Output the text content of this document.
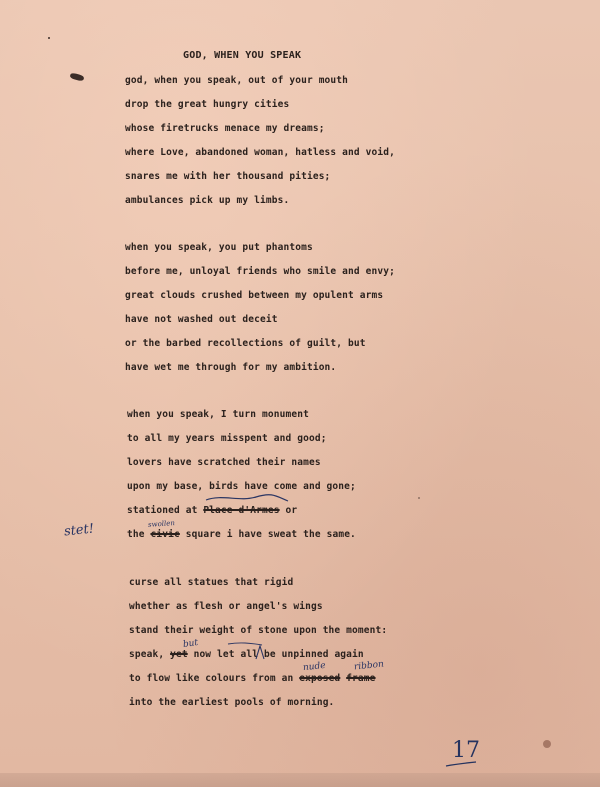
GOD, WHEN YOU SPEAK
god, when you speak, out of your mouth
drop the great hungry cities
whose firetrucks menace my dreams;
where Love, abandoned woman, hatless and void,
snares me with her thousand pities;
ambulances pick up my limbs.
when you speak, you put phantoms
before me, unloyal friends who smile and envy;
great clouds crushed between my opulent arms
have not washed out deceit
or the barbed recollections of guilt, but
have wet me through for my ambition.
when you speak, I turn monument
to all my years misspent and good;
lovers have scratched their names
upon my base, birds have come and gone;
stationed at Place d'Armes or
the civic square i have sweat the same.
curse all statues that rigid
whether as flesh or angel's wings
stand their weight of stone upon the moment:
speak, yet now let all be unpinned again
to flow like colours from an exposed frame
into the earliest pools of morning.
stet!	swollen
but
nude	ribbon
17
